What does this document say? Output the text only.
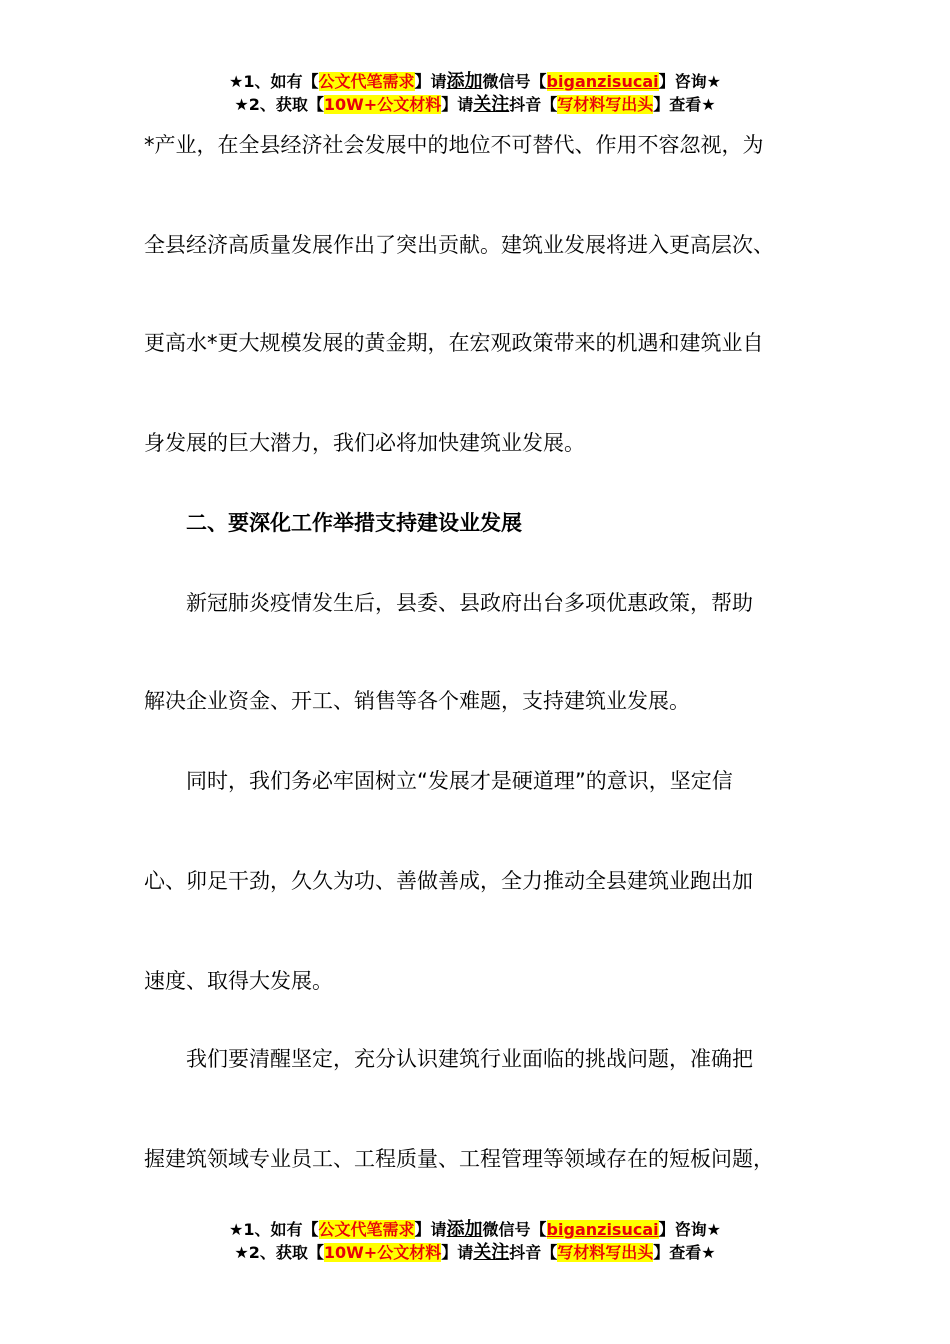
★1、如有【公文代笔需求】请添加微信号【biganzisucai】咨询★
★2、获取【10W+公文材料】请关注抖音【写材料写出头】查看★
*产业，在全县经济社会发展中的地位不可替代、作用不容忽视，为
全县经济高质量发展作出了突出贡献。建筑业发展将进入更高层次、
更高水*更大规模发展的黄金期，在宏观政策带来的机遇和建筑业自
身发展的巨大潜力，我们必将加快建筑业发展。
　　二、要深化工作举措支持建设业发展
　　新冠肺炎疫情发生后，县委、县政府出台多项优惠政策，帮助
解决企业资金、开工、销售等各个难题，支持建筑业发展。
　　同时，我们务必牢固树立“发展才是硬道理”的意识，坚定信
心、卯足干劲，久久为功、善做善成，全力推动全县建筑业跑出加
速度、取得大发展。
　　我们要清醒坚定，充分认识建筑行业面临的挑战问题，准确把
握建筑领域专业员工、工程质量、工程管理等领域存在的短板问题，
★1、如有【公文代笔需求】请添加微信号【biganzisucai】咨询★
★2、获取【10W+公文材料】请关注抖音【写材料写出头】查看★
